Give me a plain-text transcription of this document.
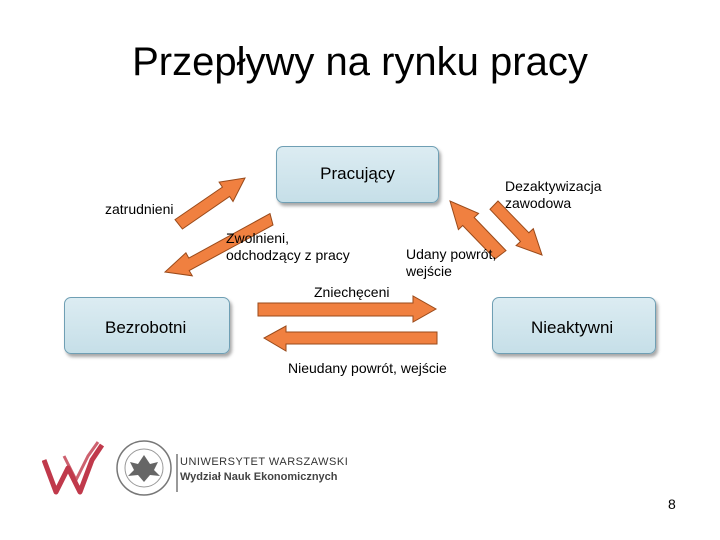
Przepływy na rynku pracy
Pracujący
Bezrobotni	Nieaktywni
zatrudnieni
Zwolnieni,
odchodzący z pracy
Dezaktywizacja
zawodowa
Udany powrót,
wejście
Zniechęceni
Nieudany powrót, wejście
UNIWERSYTET WARSZAWSKI
Wydział Nauk Ekonomicznych
8
